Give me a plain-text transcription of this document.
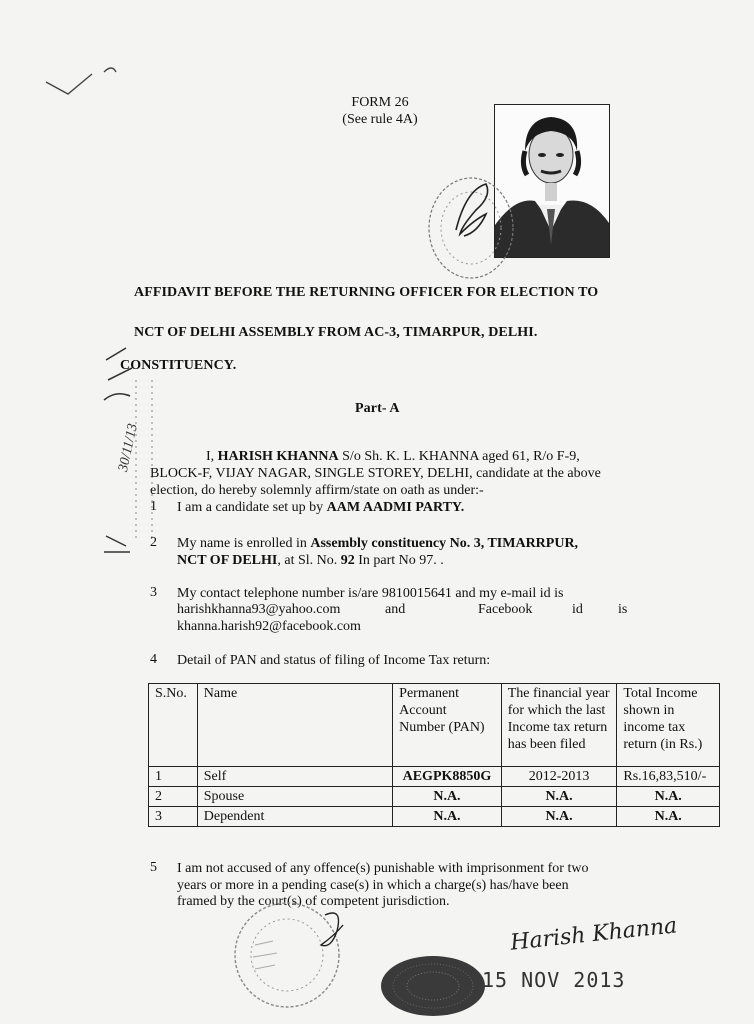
FORM 26
(See rule 4A)
30/11/13
AFFIDAVIT BEFORE THE RETURNING OFFICER FOR ELECTION TO
NCT OF DELHI ASSEMBLY FROM AC-3, TIMARPUR, DELHI.
CONSTITUENCY.
Part- A
I, HARISH KHANNA S/o Sh. K. L. KHANNA aged 61, R/o F-9,
BLOCK-F, VIJAY NAGAR, SINGLE STOREY, DELHI, candidate at the above
election, do hereby solemnly affirm/state on oath as under:-
1 I am a candidate set up by AAM AADMI PARTY.
2 My name is enrolled in Assembly constituency No. 3, TIMARRPUR,
NCT OF DELHI, at Sl. No. 92 In part No 97. .
3 My contact telephone number is/are 9810015641 and my e-mail id is
harishkhanna93@yahoo.com	and	Facebook	id	is
khanna.harish92@facebook.com
4 Detail of PAN and status of filing of Income Tax return:
S.No.	Name	Permanent Account Number (PAN)	The financial year for which the last Income tax return has been filed	Total Income shown in income tax return (in Rs.)
1	Self	AEGPK8850G	2012-2013	Rs.16,83,510/-
2	Spouse	N.A.	N.A.	N.A.
3	Dependent	N.A.	N.A.	N.A.
5 I am not accused of any offence(s) punishable with imprisonment for two
years or more in a pending case(s) in which a charge(s) has/have been
framed by the court(s) of competent jurisdiction.
Harish Khanna
15 NOV 2013
